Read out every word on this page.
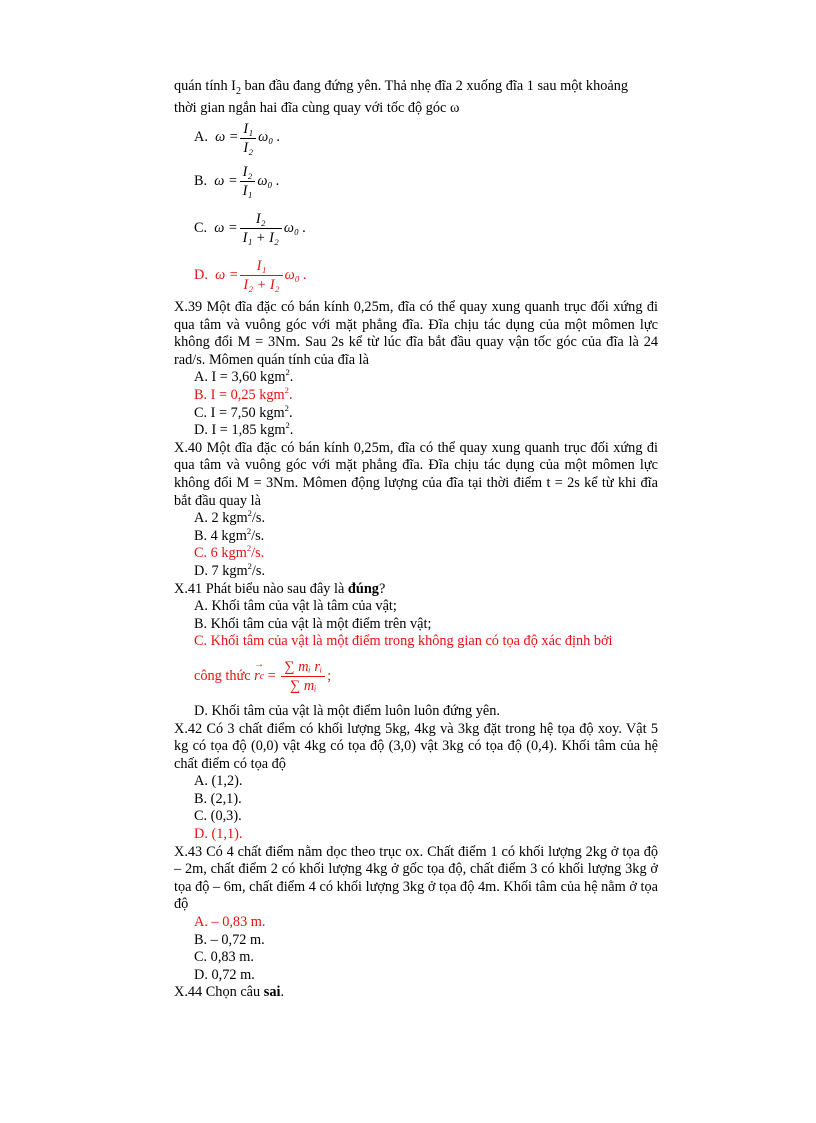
quán tính $I_2$ ban đầu đang đứng yên. Thả nhẹ đĩa 2 xuống đĩa 1 sau một khoảng

thời gian ngắn hai đĩa cùng quay với tốc độ góc ω

A.
$\omega = \frac{\text{I₁}}{\text{I₂}} \omega_0$ .
B.
$\omega = \frac{\text{I₂}}{\text{I₁}} \omega_0$ .
C.
$\omega = \frac{\text{I₂}}{\text{I₁ + I₂}} \omega_0$ .
D.
$\omega = \frac{\text{I₁}}{\text{I₂ + I₂}} \omega_0$ .

X.39 Một đĩa đặc có bán kính 0,25m, đĩa có thể quay xung quanh trục đối xứng đi qua tâm và vuông góc với mặt phẳng đĩa. Đĩa chịu tác dụng của một mômen lực không đổi M = 3Nm. Sau 2s kể từ lúc đĩa bắt đầu quay vận tốc góc của đĩa là 24 rad/s. Mômen quán tính của đĩa là

A. I = 3,60 kgm$^2$.

B. I = 0,25 kgm$^2$.

C. I = 7,50 kgm$^2$.

D. I = 1,85 kgm$^2$.

X.40 Một đĩa đặc có bán kính 0,25m, đĩa có thể quay xung quanh trục đối xứng đi qua tâm và vuông góc với mặt phẳng đĩa. Đĩa chịu tác dụng của một mômen lực không đổi M = 3Nm. Mômen động lượng của đĩa tại thời điểm t = 2s kể từ khi đĩa bắt đầu quay là

A. 2 kgm$^2$/s.

B. 4 kgm$^2$/s.

C. 6 kgm$^2$/s.

D. 7 kgm$^2$/s.

X.41 Phát biểu nào sau đây là đúng?

A. Khối tâm của vật là tâm của vật;

B. Khối tâm của vật là một điểm trên vật;

C. Khối tâm của vật là một điểm trong không gian có tọa độ xác định bởi

công thức

→ r $c = \frac{\text{∑ mᵢ rᵢ}}{\text{∑ mᵢ}}$ ;

D. Khối tâm của vật là một điểm luôn luôn đứng yên.

X.42 Có 3 chất điểm có khối lượng 5kg, 4kg và 3kg đặt trong hệ tọa độ xoy. Vật 5 kg có tọa độ (0,0) vật 4kg có tọa độ (3,0) vật 3kg có tọa độ (0,4). Khối tâm của hệ chất điểm có tọa độ

A. (1,2).

B. (2,1).

C. (0,3).

D. (1,1).

X.43 Có 4 chất điểm nằm dọc theo trục ox. Chất điểm 1 có khối lượng 2kg ở tọa độ – 2m, chất điểm 2 có khối lượng 4kg ở gốc tọa độ, chất điểm 3 có khối lượng 3kg ở tọa độ – 6m, chất điểm 4 có khối lượng 3kg ở tọa độ 4m. Khối tâm của hệ nằm ở tọa độ

A. – 0,83 m.

B. – 0,72 m.

C. 0,83 m.

D. 0,72 m.

X.44 Chọn câu sai.
